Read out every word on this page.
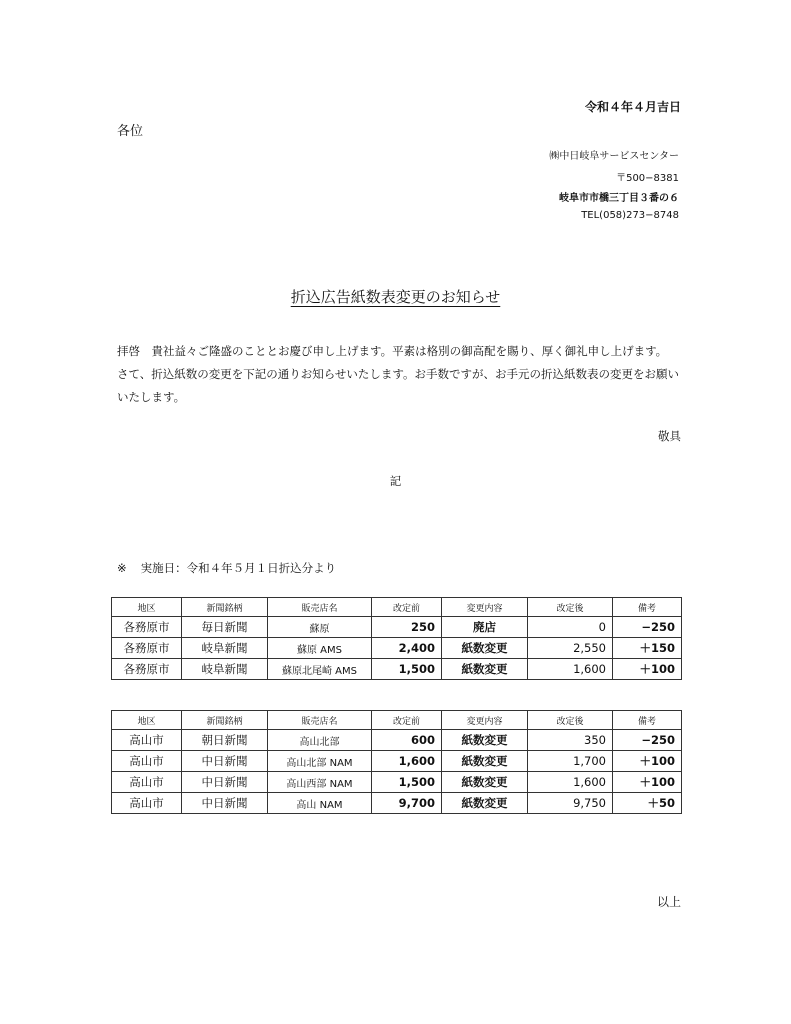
令和４年４月吉日
各位
㈱中日岐阜サービスセンター
〒500−8381
岐阜市市橋三丁目３番の６
TEL(058)273−8748
折込広告紙数表変更のお知らせ

拝啓　貴社益々ご隆盛のこととお慶び申し上げます。平素は格別の御高配を賜り、厚く御礼申し上げます。

さて、折込紙数の変更を下記の通りお知らせいたします。お手数ですが、お手元の折込紙数表の変更をお願いいたします。

敬具
記
※ 実施日：令和４年５月１日折込分より
地区	新聞銘柄	販売店名	改定前	変更内容	改定後	備考
各務原市	毎日新聞	蘇原	250	廃店	0	−250
各務原市	岐阜新聞	蘇原 AMS	2,400	紙数変更	2,550	＋150
各務原市	岐阜新聞	蘇原北尾崎 AMS	1,500	紙数変更	1,600	＋100
地区	新聞銘柄	販売店名	改定前	変更内容	改定後	備考
高山市	朝日新聞	高山北部	600	紙数変更	350	−250
高山市	中日新聞	高山北部 NAM	1,600	紙数変更	1,700	＋100
高山市	中日新聞	高山西部 NAM	1,500	紙数変更	1,600	＋100
高山市	中日新聞	高山 NAM	9,700	紙数変更	9,750	＋50
以上
